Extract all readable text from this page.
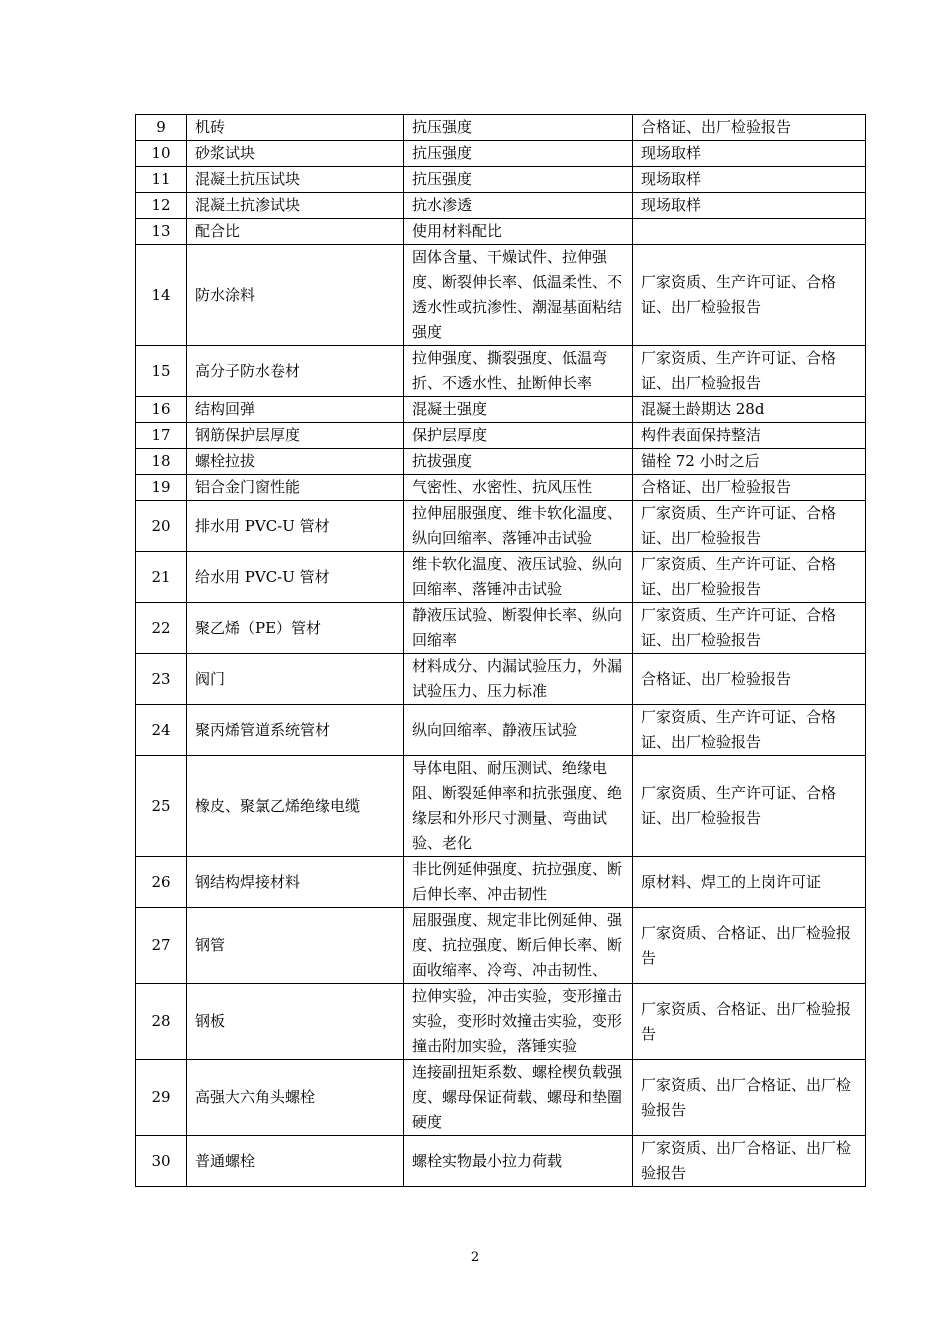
9	机砖	抗压强度	合格证、出厂检验报告
10	砂浆试块	抗压强度	现场取样
11	混凝土抗压试块	抗压强度	现场取样
12	混凝土抗渗试块	抗水渗透	现场取样
13	配合比	使用材料配比	
14	防水涂料	固体含量、干燥试件、拉伸强度、断裂伸长率、低温柔性、不透水性或抗渗性、潮湿基面粘结强度	厂家资质、生产许可证、合格证、出厂检验报告
15	高分子防水卷材	拉伸强度、撕裂强度、低温弯折、不透水性、扯断伸长率	厂家资质、生产许可证、合格证、出厂检验报告
16	结构回弹	混凝土强度	混凝土龄期达 28d
17	钢筋保护层厚度	保护层厚度	构件表面保持整洁
18	螺栓拉拔	抗拔强度	锚栓 72 小时之后
19	铝合金门窗性能	气密性、水密性、抗风压性	合格证、出厂检验报告
20	排水用 PVC-U 管材	拉伸屈服强度、维卡软化温度、纵向回缩率、落锤冲击试验	厂家资质、生产许可证、合格证、出厂检验报告
21	给水用 PVC-U 管材	维卡软化温度、液压试验、纵向回缩率、落锤冲击试验	厂家资质、生产许可证、合格证、出厂检验报告
22	聚乙烯（PE）管材	静液压试验、断裂伸长率、纵向回缩率	厂家资质、生产许可证、合格证、出厂检验报告
23	阀门	材料成分、内漏试验压力，外漏试验压力、压力标准	合格证、出厂检验报告
24	聚丙烯管道系统管材	纵向回缩率、静液压试验	厂家资质、生产许可证、合格证、出厂检验报告
25	橡皮、聚氯乙烯绝缘电缆	导体电阻、耐压测试、绝缘电阻、断裂延伸率和抗张强度、绝缘层和外形尺寸测量、弯曲试验、老化	厂家资质、生产许可证、合格证、出厂检验报告
26	钢结构焊接材料	非比例延伸强度、抗拉强度、断后伸长率、冲击韧性	原材料、焊工的上岗许可证
27	钢管	屈服强度、规定非比例延伸、强度、抗拉强度、断后伸长率、断面收缩率、冷弯、冲击韧性、	厂家资质、合格证、出厂检验报告
28	钢板	拉伸实验，冲击实验，变形撞击实验，变形时效撞击实验，变形撞击附加实验，落锤实验	厂家资质、合格证、出厂检验报告
29	高强大六角头螺栓	连接副扭矩系数、螺栓楔负载强度、螺母保证荷载、螺母和垫圈硬度	厂家资质、出厂合格证、出厂检验报告
30	普通螺栓	螺栓实物最小拉力荷载	厂家资质、出厂合格证、出厂检验报告
2
